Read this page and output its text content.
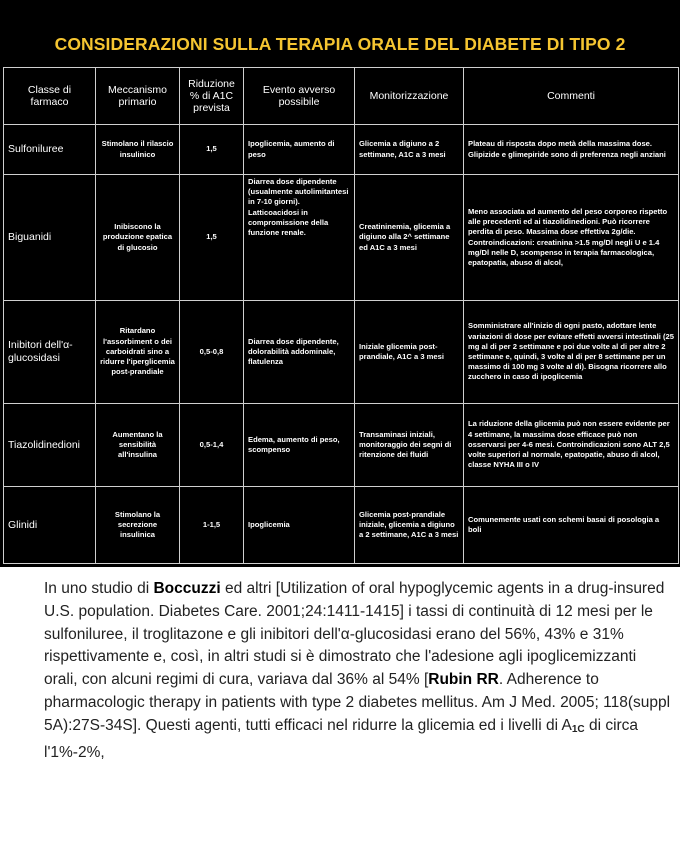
CONSIDERAZIONI SULLA TERAPIA ORALE DEL DIABETE DI TIPO 2
Classe di farmaco	Meccanismo primario	Riduzione % di A1C prevista	Evento avverso possibile	Monitorizzazione	Commenti
Sulfoniluree	Stimolano il rilascio insulinico	1,5	Ipoglicemia, aumento di peso	Glicemia a digiuno a 2 settimane, A1C a 3 mesi	Plateau di risposta dopo metà della massima dose. Glipizide e glimepiride sono di preferenza negli anziani
Biguanidi	Inibiscono la produzione epatica di glucosio	1,5	Diarrea dose dipendente (usualmente autolimitantesi in 7-10 giorni). Latticoacidosi in compromissione della funzione renale.	Creatininemia, glicemia a digiuno alla 2^ settimane ed A1C a 3 mesi	Meno associata ad aumento del peso corporeo rispetto alle precedenti ed ai tiazolidinedioni. Può ricorrere perdita di peso. Massima dose effettiva 2g/die. Controindicazioni: creatinina >1.5 mg/Dl negli U e 1.4 mg/Dl nelle D, scompenso in terapia farmacologica, epatopatia, abuso di alcol,
Inibitori dell'α-glucosidasi	Ritardano l'assorbiment o dei carboidrati sino a ridurre l'iperglicemia post-prandiale	0,5-0,8	Diarrea dose dipendente, dolorabilità addominale, flatulenza	Iniziale glicemia post-prandiale, A1C a 3 mesi	Somministrare all'inizio di ogni pasto, adottare lente variazioni di dose per evitare effetti avversi intestinali (25 mg al di per 2 settimane e poi due volte al di per altre 2 settimane e, quindi, 3 volte al di per 8 settimane per un massimo di 100 mg 3 volte al di). Bisogna ricorrere allo zucchero in caso di ipoglicemia
Tiazolidinedioni	Aumentano la sensibilità all'insulina	0,5-1,4	Edema, aumento di peso, scompenso	Transaminasi iniziali, monitoraggio dei segni di ritenzione dei fluidi	La riduzione della glicemia può non essere evidente per 4 settimane, la massima dose efficace può non osservarsi per 4-6 mesi. Controindicazioni sono ALT 2,5 volte superiori al normale, epatopatie, abuso di alcol, classe NYHA III o IV
Glinidi	Stimolano la secrezione insulinica	1-1,5	Ipoglicemia	Glicemia post-prandiale iniziale, glicemia a digiuno a 2 settimane, A1C a 3 mesi	Comunemente usati con schemi basai di posologia a boli

In uno studio di Boccuzzi ed altri [Utilization of oral hypoglycemic agents in a drug-insured U.S. population. Diabetes Care. 2001;24:1411-1415] i tassi di continuità di 12 mesi per le sulfoniluree, il troglitazone e gli inibitori dell'α-glucosidasi erano del 56%, 43% e 31% rispettivamente e, così, in altri studi si è dimostrato che l'adesione agli ipoglicemizzanti orali, con alcuni regimi di cura, variava dal 36% al 54% [Rubin RR. Adherence to pharmacologic therapy in patients with type 2 diabetes mellitus. Am J Med. 2005; 118(suppl 5A):27S-34S]. Questi agenti, tutti efficaci nel ridurre la glicemia ed i livelli di $A_{1C}$ di circa l'1%-2%,
